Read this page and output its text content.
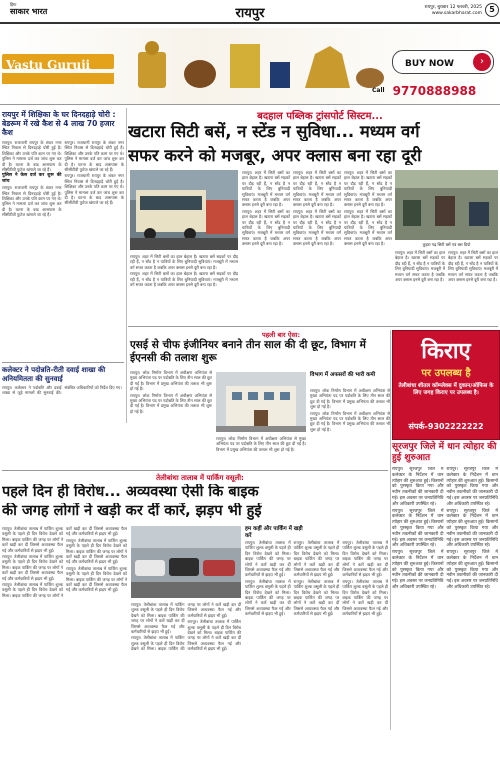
हिंगा
साकार भारत	रायपुर	रायपुर, बुधवार 12 फरवरी, 2025
www.sakarbharat.com 5
Vastu Guruji
BEST PLACE FOR VASTU REMEDY
BUY NOW	›
Call 9770888988
रायपुर में शिक्षिका के घर दिनदहाड़े चोरी : बेडरूम में रखे कैश से 4 लाख 70 हजार कैश

रायपुर। राजधानी रायपुर के शंकर नगर स्थित निवास से दिनदहाड़े चोरी हुई है। शिक्षिका और उनके पति काम पर गए थे। पुलिस ने मामला दर्ज कर जांच शुरू कर दी है। घटना के बाद आसपास के सीसीटीवी फुटेज खंगाले जा रहे हैं।

पुलिस ने केस दर्ज कर शुरू की जांच

रायपुर। राजधानी रायपुर के शंकर नगर स्थित निवास से दिनदहाड़े चोरी हुई है। शिक्षिका और उनके पति काम पर गए थे। पुलिस ने मामला दर्ज कर जांच शुरू कर दी है। घटना के बाद आसपास के सीसीटीवी फुटेज खंगाले जा रहे हैं।

रायपुर। राजधानी रायपुर के शंकर नगर स्थित निवास से दिनदहाड़े चोरी हुई है। शिक्षिका और उनके पति काम पर गए थे। पुलिस ने मामला दर्ज कर जांच शुरू कर दी है। घटना के बाद आसपास के सीसीटीवी फुटेज खंगाले जा रहे हैं।

रायपुर। राजधानी रायपुर के शंकर नगर स्थित निवास से दिनदहाड़े चोरी हुई है। शिक्षिका और उनके पति काम पर गए थे। पुलिस ने मामला दर्ज कर जांच शुरू कर दी है। घटना के बाद आसपास के सीसीटीवी फुटेज खंगाले जा रहे हैं।

कलेक्टर ने पदोन्नति-रीती दवाई शाखा की अनियमितता की सुनवाई

रायपुर। कलेक्टर ने पदोन्नति और दवाई शाखा से जुड़े मामलों की सुनवाई की। संबंधित अधिकारियों को निर्देश दिए गए।

बदहाल पब्लिक ट्रांसपोर्ट सिस्टम...
खटारा सिटी बसें, न स्टेंड न सुविधा... मध्यम वर्ग
सफर करने को मजबूर, अपर क्लास बना रहा दूरी

रायपुर। शहर में सिटी बसों का हाल बेहाल है। खटारा बसें सड़कों पर दौड़ रही हैं, न स्टेंड है न यात्रियों के लिए बुनियादी सुविधाएं। मजबूरी में मध्यम वर्ग सफर करता है जबकि अपर क्लास इनसे दूरी बना रहा है।

रायपुर। शहर में सिटी बसों का हाल बेहाल है। खटारा बसें सड़कों पर दौड़ रही हैं, न स्टेंड है न यात्रियों के लिए बुनियादी सुविधाएं। मजबूरी में मध्यम वर्ग सफर करता है जबकि अपर क्लास इनसे दूरी बना रहा है।

रायपुर। शहर में सिटी बसों का हाल बेहाल है। खटारा बसें सड़कों पर दौड़ रही हैं, न स्टेंड है न यात्रियों के लिए बुनियादी सुविधाएं। मजबूरी में मध्यम वर्ग सफर करता है जबकि अपर क्लास इनसे दूरी बना रहा है।

रायपुर। शहर में सिटी बसों का हाल बेहाल है। खटारा बसें सड़कों पर दौड़ रही हैं, न स्टेंड है न यात्रियों के लिए बुनियादी सुविधाएं। मजबूरी में मध्यम वर्ग सफर करता है जबकि अपर क्लास इनसे दूरी बना रहा है।

रायपुर। शहर में सिटी बसों का हाल बेहाल है। खटारा बसें सड़कों पर दौड़ रही हैं, न स्टेंड है न यात्रियों के लिए बुनियादी सुविधाएं। मजबूरी में मध्यम वर्ग सफर करता है जबकि अपर क्लास इनसे दूरी बना रहा है।

रायपुर। शहर में सिटी बसों का हाल बेहाल है। खटारा बसें सड़कों पर दौड़ रही हैं, न स्टेंड है न यात्रियों के लिए बुनियादी सुविधाएं। मजबूरी में मध्यम वर्ग सफर करता है जबकि अपर क्लास इनसे दूरी बना रहा है।

रायपुर। शहर में सिटी बसों का हाल बेहाल है। खटारा बसें सड़कों पर दौड़ रही हैं, न स्टेंड है न यात्रियों के लिए बुनियादी सुविधाएं। मजबूरी में मध्यम वर्ग सफर करता है जबकि अपर क्लास इनसे दूरी बना रहा है।

रायपुर। शहर में सिटी बसों का हाल बेहाल है। खटारा बसें सड़कों पर दौड़ रही हैं, न स्टेंड है न यात्रियों के लिए बुनियादी सुविधाएं। मजबूरी में मध्यम वर्ग सफर करता है जबकि अपर क्लास इनसे दूरी बना रहा है।	कुहरा गढ़ सिटी बसें एवं बस डिपो

रायपुर। शहर में सिटी बसों का हाल बेहाल है। खटारा बसें सड़कों पर दौड़ रही हैं, न स्टेंड है न यात्रियों के लिए बुनियादी सुविधाएं। मजबूरी में मध्यम वर्ग सफर करता है जबकि अपर क्लास इनसे दूरी बना रहा है।

रायपुर। शहर में सिटी बसों का हाल बेहाल है। खटारा बसें सड़कों पर दौड़ रही हैं, न स्टेंड है न यात्रियों के लिए बुनियादी सुविधाएं। मजबूरी में मध्यम वर्ग सफर करता है जबकि अपर क्लास इनसे दूरी बना रहा है।

पहली बार ऐसा:
एसई से चीफ इंजीनियर बनाने तीन साल की दी छूट, विभाग में ईएनसी की तलाश शुरू

रायपुर। लोक निर्माण विभाग में अधीक्षण अभियंता से मुख्य अभियंता पद पर पदोन्नति के लिए तीन साल की छूट दी गई है। विभाग में प्रमुख अभियंता की तलाश भी शुरू हो गई है।

रायपुर। लोक निर्माण विभाग में अधीक्षण अभियंता से मुख्य अभियंता पद पर पदोन्नति के लिए तीन साल की छूट दी गई है। विभाग में प्रमुख अभियंता की तलाश भी शुरू हो गई है।

रायपुर। लोक निर्माण विभाग में अधीक्षण अभियंता से मुख्य अभियंता पद पर पदोन्नति के लिए तीन साल की छूट दी गई है। विभाग में प्रमुख अभियंता की तलाश भी शुरू हो गई है।

विभाग में अफसरों की भारी कमी

रायपुर। लोक निर्माण विभाग में अधीक्षण अभियंता से मुख्य अभियंता पद पर पदोन्नति के लिए तीन साल की छूट दी गई है। विभाग में प्रमुख अभियंता की तलाश भी शुरू हो गई है।

रायपुर। लोक निर्माण विभाग में अधीक्षण अभियंता से मुख्य अभियंता पद पर पदोन्नति के लिए तीन साल की छूट दी गई है। विभाग में प्रमुख अभियंता की तलाश भी शुरू हो गई है।

किराए
पर उपलब्ध है
तेलीबांधा शीतल कॉम्प्लेक्स में दुकान/ऑफिस के लिए जगह किराए पर उपलब्ध है।
संपर्क-9302222222
सूरजपुर जिले में धान त्योहार की हुई शुरुआत

रायपुर। सूरजपुर जिले में कलेक्टर के निर्देशन में धान त्योहार की शुरुआत हुई। किसानों को पुरस्कृत किया गया और नवीन तकनीकों की जानकारी दी गई। इस अवसर पर जनप्रतिनिधि और अधिकारी उपस्थित रहे।

रायपुर। सूरजपुर जिले में कलेक्टर के निर्देशन में धान त्योहार की शुरुआत हुई। किसानों को पुरस्कृत किया गया और नवीन तकनीकों की जानकारी दी गई। इस अवसर पर जनप्रतिनिधि और अधिकारी उपस्थित रहे।

रायपुर। सूरजपुर जिले में कलेक्टर के निर्देशन में धान त्योहार की शुरुआत हुई। किसानों को पुरस्कृत किया गया और नवीन तकनीकों की जानकारी दी गई। इस अवसर पर जनप्रतिनिधि और अधिकारी उपस्थित रहे।

रायपुर। सूरजपुर जिले में कलेक्टर के निर्देशन में धान त्योहार की शुरुआत हुई। किसानों को पुरस्कृत किया गया और नवीन तकनीकों की जानकारी दी गई। इस अवसर पर जनप्रतिनिधि और अधिकारी उपस्थित रहे।

रायपुर। सूरजपुर जिले में कलेक्टर के निर्देशन में धान त्योहार की शुरुआत हुई। किसानों को पुरस्कृत किया गया और नवीन तकनीकों की जानकारी दी गई। इस अवसर पर जनप्रतिनिधि और अधिकारी उपस्थित रहे।

रायपुर। सूरजपुर जिले में कलेक्टर के निर्देशन में धान त्योहार की शुरुआत हुई। किसानों को पुरस्कृत किया गया और नवीन तकनीकों की जानकारी दी गई। इस अवसर पर जनप्रतिनिधि और अधिकारी उपस्थित रहे।

तेलीबांधा तालाब में पार्किंग वसूली:
पहले दिन ही विरोध... अव्यवस्था ऐसी कि बाइक
की जगह लोगों ने खड़ी कर दीं कारें, झड़प भी हुई

रायपुर। तेलीबांधा तालाब में पार्किंग शुल्क वसूली के पहले ही दिन विरोध देखने को मिला। बाइक पार्किंग की जगह पर लोगों ने कारें खड़ी कर दीं जिससे अव्यवस्था फैल गई और कर्मचारियों से झड़प भी हुई।

रायपुर। तेलीबांधा तालाब में पार्किंग शुल्क वसूली के पहले ही दिन विरोध देखने को मिला। बाइक पार्किंग की जगह पर लोगों ने कारें खड़ी कर दीं जिससे अव्यवस्था फैल गई और कर्मचारियों से झड़प भी हुई।

रायपुर। तेलीबांधा तालाब में पार्किंग शुल्क वसूली के पहले ही दिन विरोध देखने को मिला। बाइक पार्किंग की जगह पर लोगों ने कारें खड़ी कर दीं जिससे अव्यवस्था फैल गई और कर्मचारियों से झड़प भी हुई।

रायपुर। तेलीबांधा तालाब में पार्किंग शुल्क वसूली के पहले ही दिन विरोध देखने को मिला। बाइक पार्किंग की जगह पर लोगों ने कारें खड़ी कर दीं जिससे अव्यवस्था फैल गई और कर्मचारियों से झड़प भी हुई।

रायपुर। तेलीबांधा तालाब में पार्किंग शुल्क वसूली के पहले ही दिन विरोध देखने को मिला। बाइक पार्किंग की जगह पर लोगों ने कारें खड़ी कर दीं जिससे अव्यवस्था फैल गई और कर्मचारियों से झड़प भी हुई।

रायपुर। तेलीबांधा तालाब में पार्किंग शुल्क वसूली के पहले ही दिन विरोध देखने को मिला। बाइक पार्किंग की जगह पर लोगों ने कारें खड़ी कर दीं जिससे अव्यवस्था फैल गई और कर्मचारियों से झड़प भी हुई।

रायपुर। तेलीबांधा तालाब में पार्किंग शुल्क वसूली के पहले ही दिन विरोध देखने को मिला। बाइक पार्किंग की जगह पर लोगों ने कारें खड़ी कर दीं जिससे अव्यवस्था फैल गई और कर्मचारियों से झड़प भी हुई।

रायपुर। तेलीबांधा तालाब में पार्किंग शुल्क वसूली के पहले ही दिन विरोध देखने को मिला। बाइक पार्किंग की जगह पर लोगों ने कारें खड़ी कर दीं जिससे अव्यवस्था फैल गई और कर्मचारियों से झड़प भी हुई।

हम कहीं और पार्किंग में खड़ी करें

रायपुर। तेलीबांधा तालाब में पार्किंग शुल्क वसूली के पहले ही दिन विरोध देखने को मिला। बाइक पार्किंग की जगह पर लोगों ने कारें खड़ी कर दीं जिससे अव्यवस्था फैल गई और कर्मचारियों से झड़प भी हुई।

रायपुर। तेलीबांधा तालाब में पार्किंग शुल्क वसूली के पहले ही दिन विरोध देखने को मिला। बाइक पार्किंग की जगह पर लोगों ने कारें खड़ी कर दीं जिससे अव्यवस्था फैल गई और कर्मचारियों से झड़प भी हुई।

रायपुर। तेलीबांधा तालाब में पार्किंग शुल्क वसूली के पहले ही दिन विरोध देखने को मिला। बाइक पार्किंग की जगह पर लोगों ने कारें खड़ी कर दीं जिससे अव्यवस्था फैल गई और कर्मचारियों से झड़प भी हुई।

रायपुर। तेलीबांधा तालाब में पार्किंग शुल्क वसूली के पहले ही दिन विरोध देखने को मिला। बाइक पार्किंग की जगह पर लोगों ने कारें खड़ी कर दीं जिससे अव्यवस्था फैल गई और कर्मचारियों से झड़प भी हुई।

रायपुर। तेलीबांधा तालाब में पार्किंग शुल्क वसूली के पहले ही दिन विरोध देखने को मिला। बाइक पार्किंग की जगह पर लोगों ने कारें खड़ी कर दीं जिससे अव्यवस्था फैल गई और कर्मचारियों से झड़प भी हुई।

रायपुर। तेलीबांधा तालाब में पार्किंग शुल्क वसूली के पहले ही दिन विरोध देखने को मिला। बाइक पार्किंग की जगह पर लोगों ने कारें खड़ी कर दीं जिससे अव्यवस्था फैल गई और कर्मचारियों से झड़प भी हुई।
